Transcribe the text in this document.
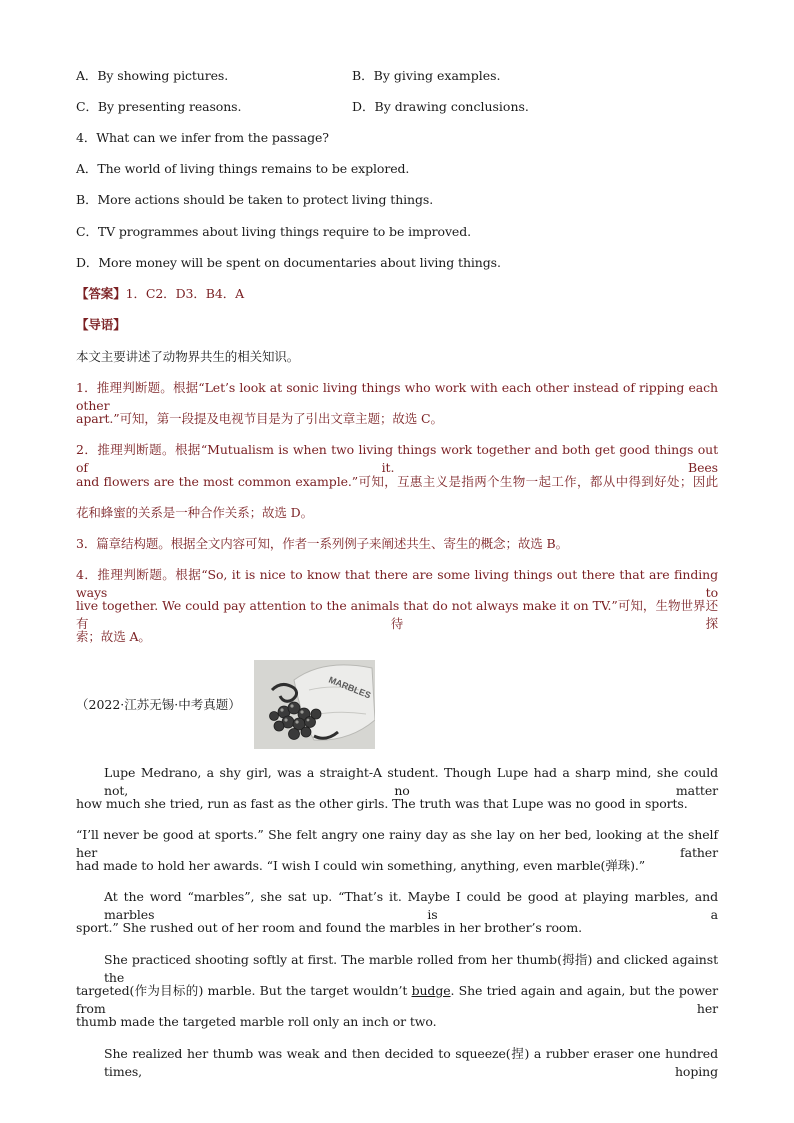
A．By showing pictures.	B．By giving examples.
C．By presenting reasons.	D．By drawing conclusions.
4．What can we infer from the passage?
A．The world of living things remains to be explored.
B．More actions should be taken to protect living things.
C．TV programmes about living things require to be improved.
D．More money will be spent on documentaries about living things.
【答案】1．C2．D3．B4．A
【导语】
本文主要讲述了动物界共生的相关知识。
1．推理判断题。根据“Let’s look at sonic living things who work with each other instead of ripping each other
apart.”可知，第一段提及电视节目是为了引出文章主题；故选 C。
2．推理判断题。根据“Mutualism is when two living things work together and both get good things out of it. Bees
and flowers are the most common example.”可知，互惠主义是指两个生物一起工作，都从中得到好处；因此
花和蜂蜜的关系是一种合作关系；故选 D。
3．篇章结构题。根据全文内容可知，作者一系列例子来阐述共生、寄生的概念；故选 B。
4．推理判断题。根据“So, it is nice to know that there are some living things out there that are finding ways to
live together. We could pay attention to the animals that do not always make it on TV.”可知，生物世界还有待探
索；故选 A。
（2022·江苏无锡·中考真题）
MARBLES
Lupe Medrano, a shy girl, was a straight-A student. Though Lupe had a sharp mind, she could not, no matter
how much she tried, run as fast as the other girls. The truth was that Lupe was no good in sports.
“I’ll never be good at sports.” She felt angry one rainy day as she lay on her bed, looking at the shelf her father
had made to hold her awards. “I wish I could win something, anything, even marble(弹珠).”
At the word “marbles”, she sat up. “That’s it. Maybe I could be good at playing marbles, and marbles is a
sport.” She rushed out of her room and found the marbles in her brother’s room.
She practiced shooting softly at first. The marble rolled from her thumb(拇指) and clicked against the
targeted(作为目标的) marble. But the target wouldn’t budge. She tried again and again, but the power from her
thumb made the targeted marble roll only an inch or two.
She realized her thumb was weak and then decided to squeeze(捏) a rubber eraser one hundred times, hoping
